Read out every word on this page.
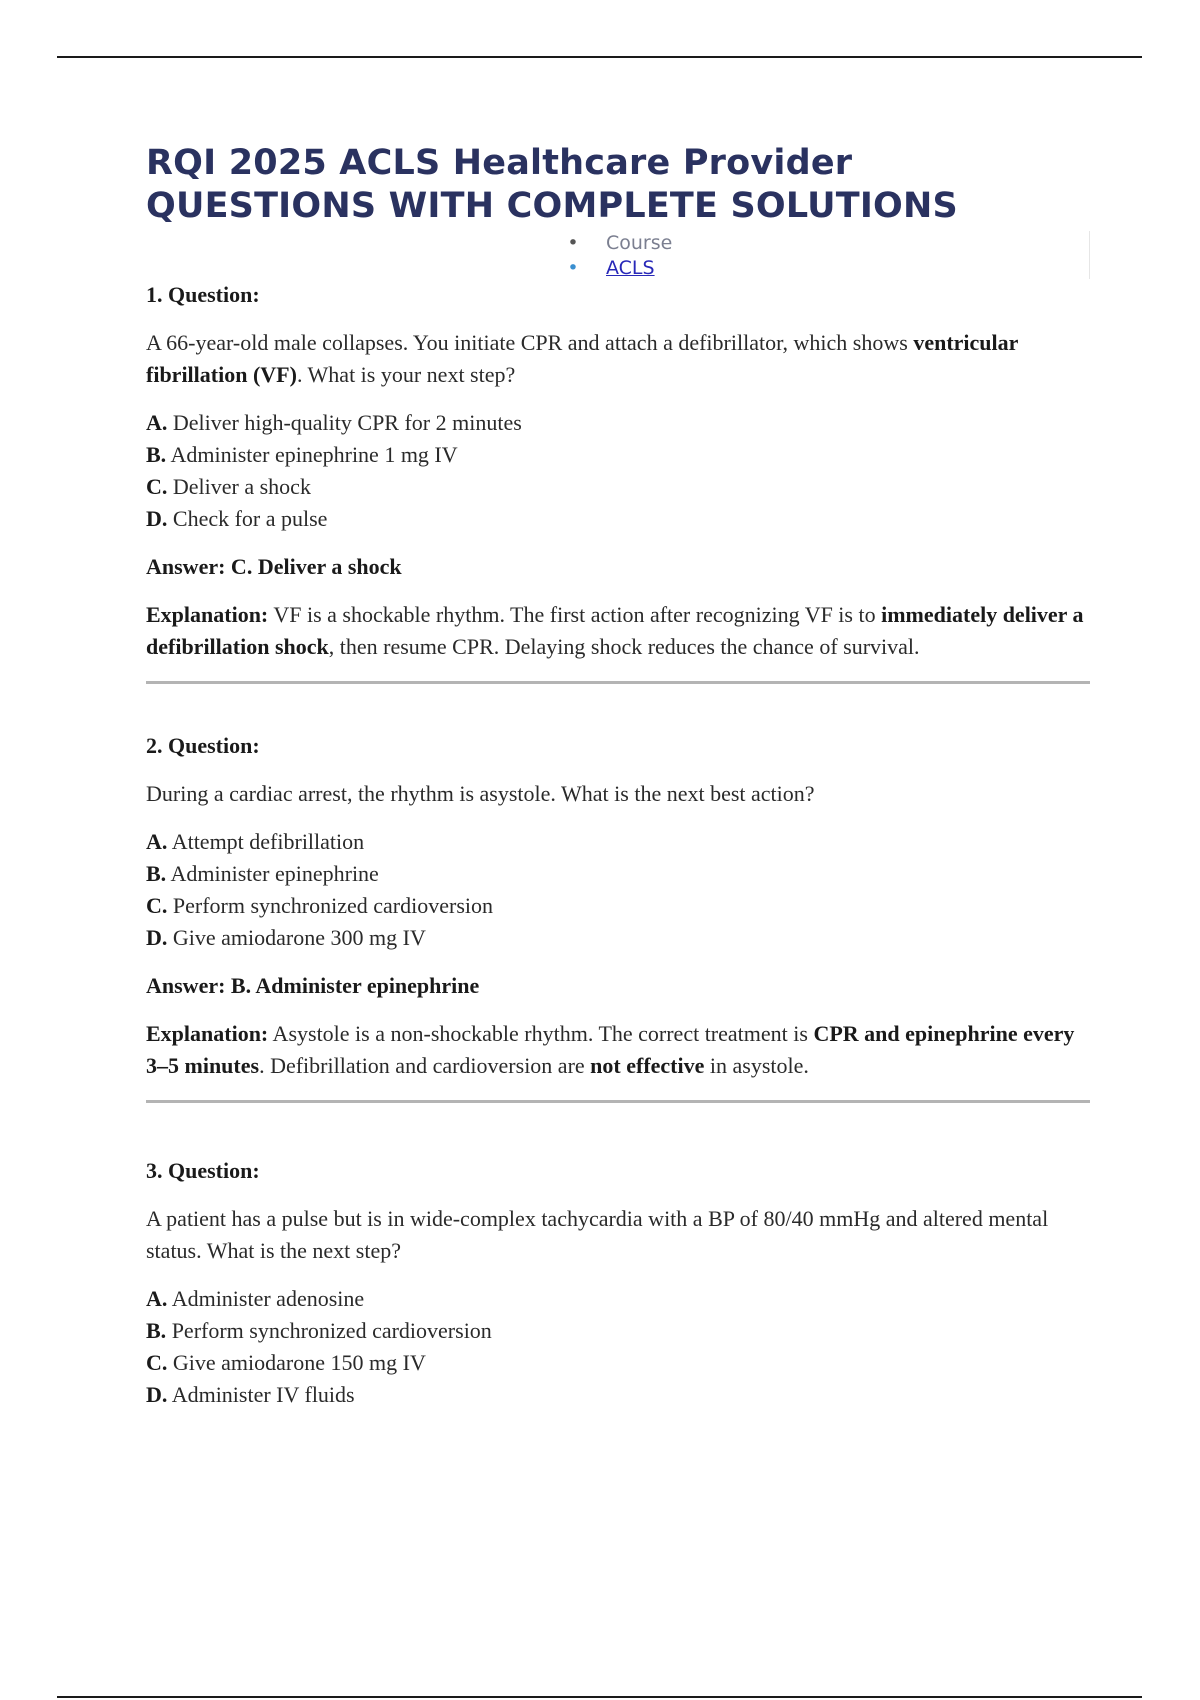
RQI 2025 ACLS Healthcare Provider
QUESTIONS WITH COMPLETE SOLUTIONS
• Course
• ACLS

1. Question:

A 66-year-old male collapses. You initiate CPR and attach a defibrillator, which shows ventricular fibrillation (VF). What is your next step?

A. Deliver high-quality CPR for 2 minutes
B. Administer epinephrine 1 mg IV
C. Deliver a shock
D. Check for a pulse

Answer: C. Deliver a shock

Explanation: VF is a shockable rhythm. The first action after recognizing VF is to immediately deliver a defibrillation shock, then resume CPR. Delaying shock reduces the chance of survival.

2. Question:

During a cardiac arrest, the rhythm is asystole. What is the next best action?

A. Attempt defibrillation
B. Administer epinephrine
C. Perform synchronized cardioversion
D. Give amiodarone 300 mg IV

Answer: B. Administer epinephrine

Explanation: Asystole is a non-shockable rhythm. The correct treatment is CPR and epinephrine every 3–5 minutes. Defibrillation and cardioversion are not effective in asystole.

3. Question:

A patient has a pulse but is in wide-complex tachycardia with a BP of 80/40 mmHg and altered mental status. What is the next step?

A. Administer adenosine
B. Perform synchronized cardioversion
C. Give amiodarone 150 mg IV
D. Administer IV fluids
